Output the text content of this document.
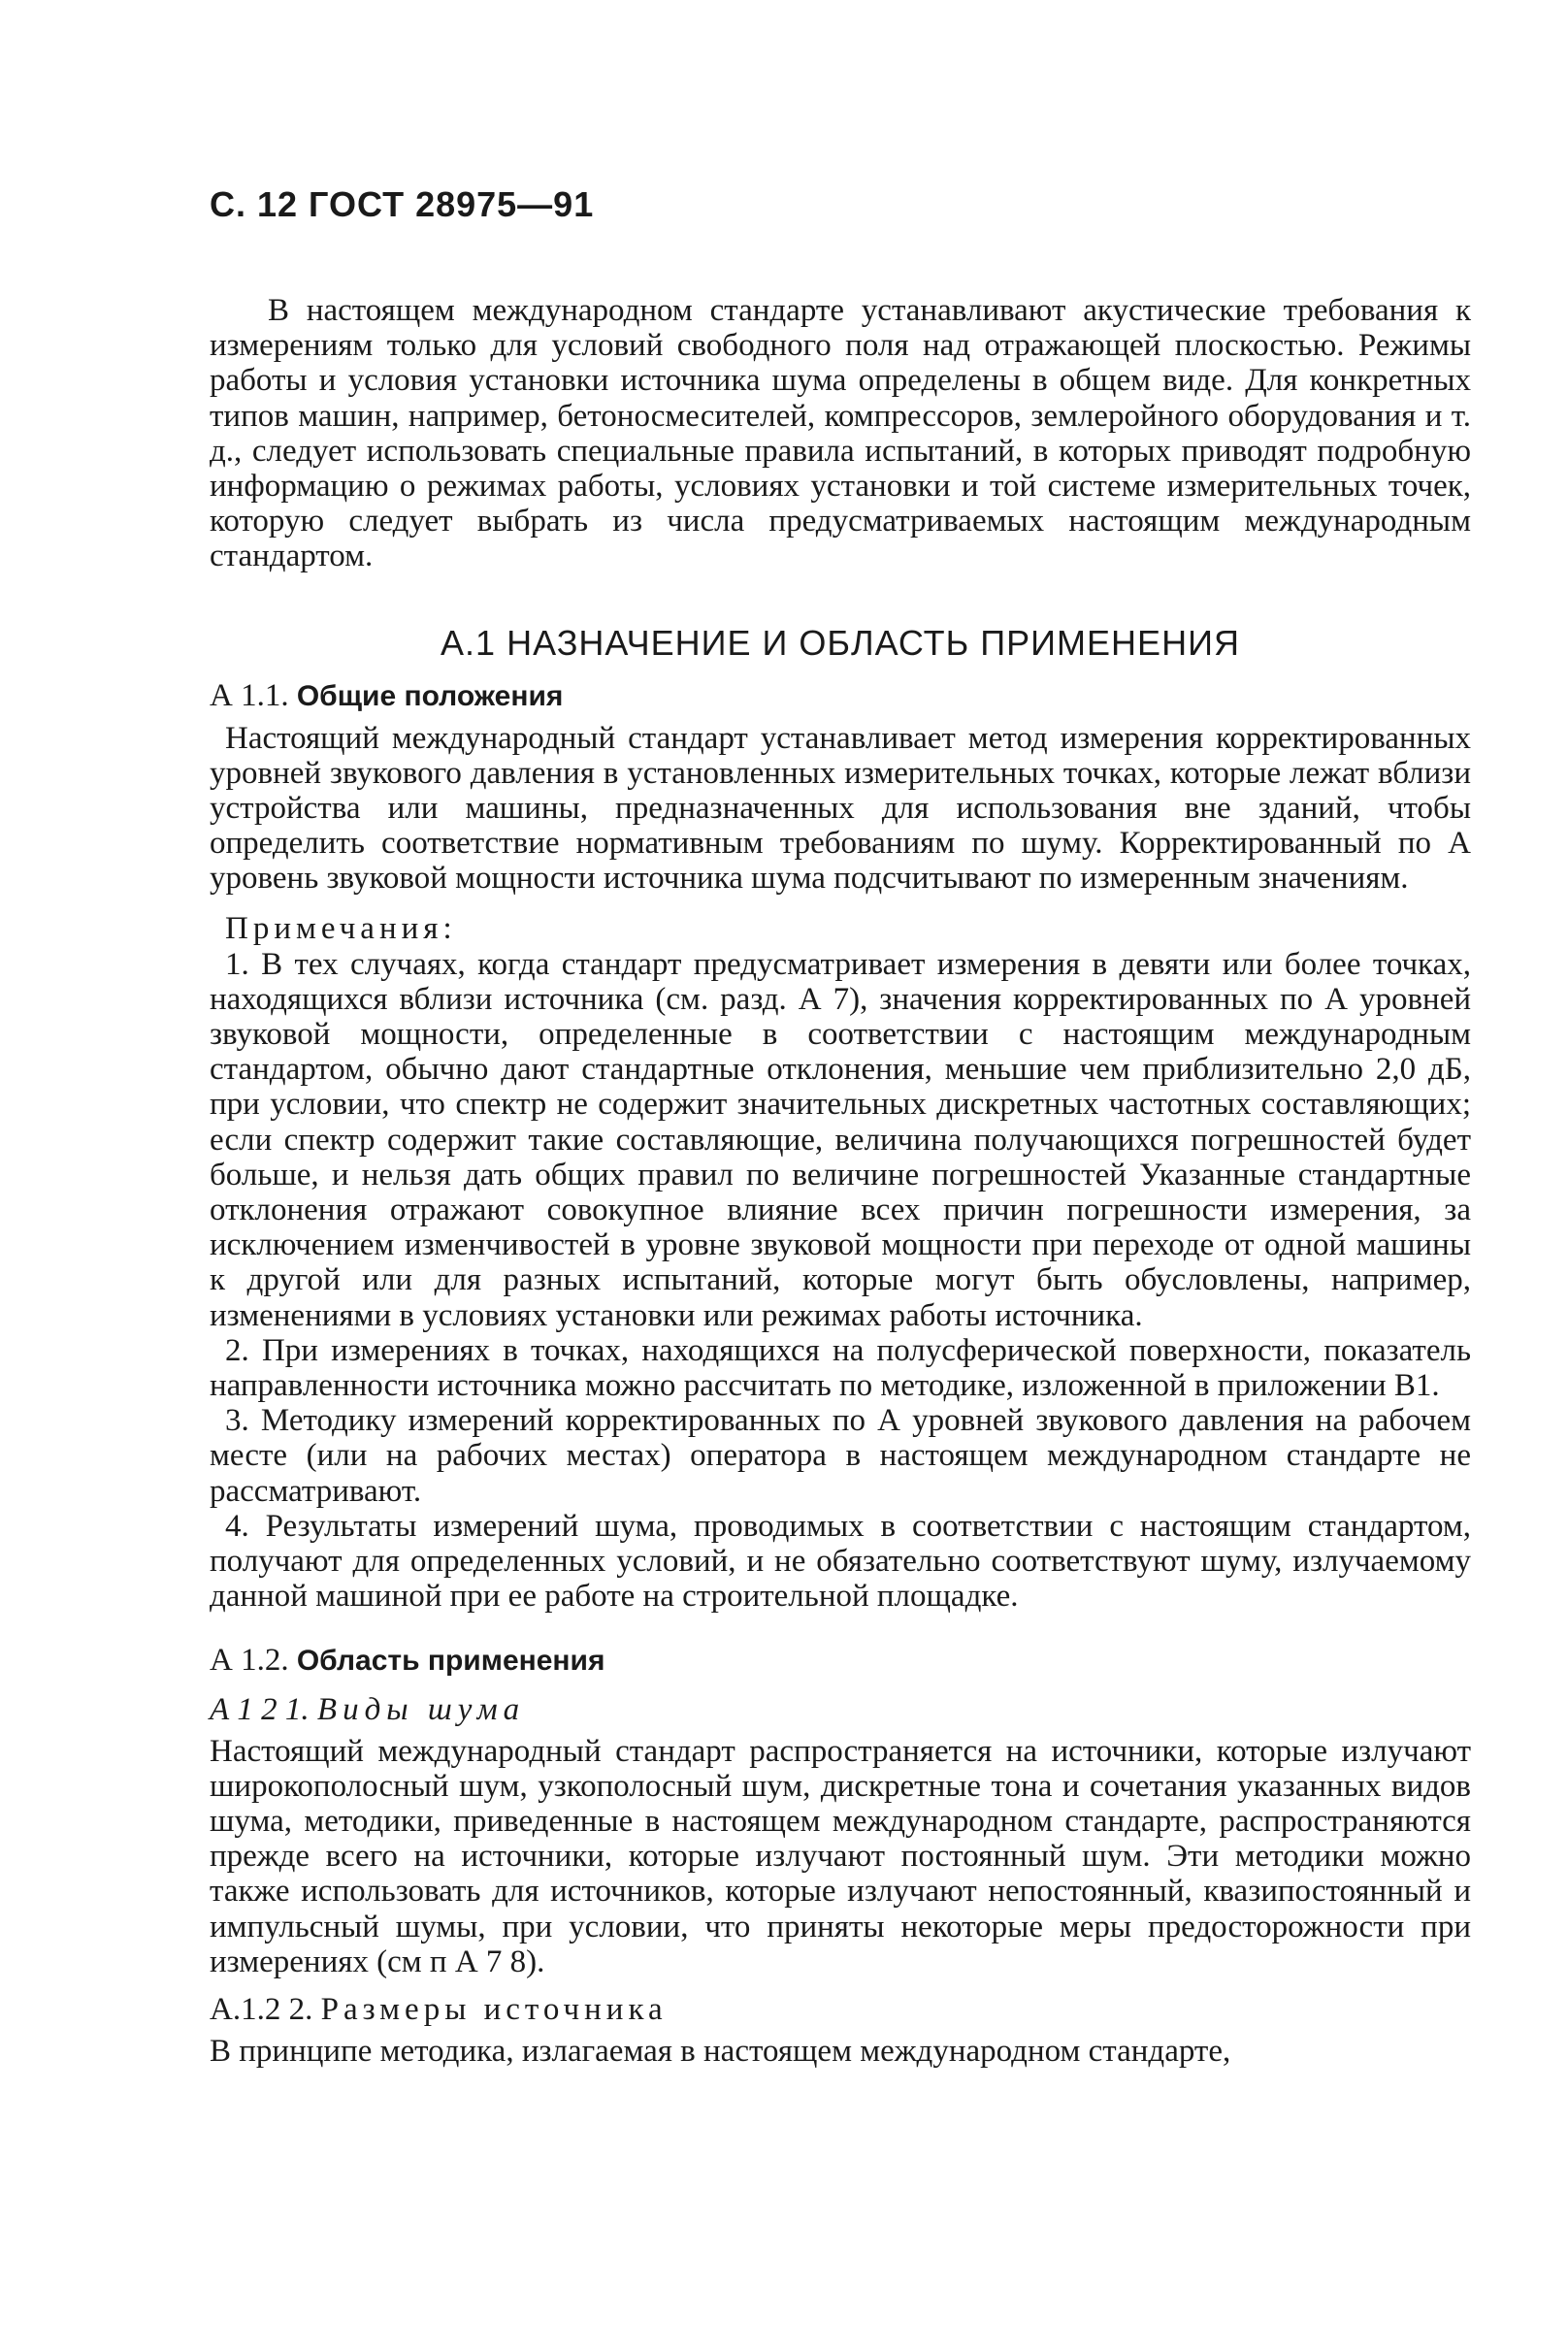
С. 12 ГОСТ 28975—91

В настоящем международном стандарте устанавливают акустические требования к измерениям только для условий свободного поля над отражающей плоскостью. Режимы работы и условия установки источника шума определены в общем виде. Для конкретных типов машин, например, бетоносмесителей, компрессоров, землеройного оборудования и т. д., следует использовать специальные правила испытаний, в которых приводят подробную информацию о режимах работы, условиях установки и той системе измерительных точек, которую следует выбрать из числа предусматриваемых настоящим международным стандартом.

А.1 НАЗНАЧЕНИЕ И ОБЛАСТЬ ПРИМЕНЕНИЯ
А 1.1. Общие положения

Настоящий международный стандарт устанавливает метод измерения корректированных уровней звукового давления в установленных измерительных точках, которые лежат вблизи устройства или машины, предназначенных для использования вне зданий, чтобы определить соответствие нормативным требованиям по шуму. Корректированный по А уровень звуковой мощности источника шума подсчитывают по измеренным значениям.

Примечания:

1. В тех случаях, когда стандарт предусматривает измерения в девяти или более точках, находящихся вблизи источника (см. разд. А 7), значения корректированных по А уровней звуковой мощности, определенные в соответствии с настоящим международным стандартом, обычно дают стандартные отклонения, меньшие чем приблизительно 2,0 дБ, при условии, что спектр не содержит значительных дискретных частотных составляющих; если спектр содержит такие составляющие, величина получающихся погрешностей будет больше, и нельзя дать общих правил по величине погрешностей Указанные стандартные отклонения отражают совокупное влияние всех причин погрешности измерения, за исключением изменчивостей в уровне звуковой мощности при переходе от одной машины к другой или для разных испытаний, которые могут быть обусловлены, например, изменениями в условиях установки или режимах работы источника.

2. При измерениях в точках, находящихся на полусферической поверхности, показатель направленности источника можно рассчитать по методике, изложенной в приложении В1.

3. Методику измерений корректированных по А уровней звукового давления на рабочем месте (или на рабочих местах) оператора в настоящем международном стандарте не рассматривают.

4. Результаты измерений шума, проводимых в соответствии с настоящим стандартом, получают для определенных условий, и не обязательно соответствуют шуму, излучаемому данной машиной при ее работе на строительной площадке.

А 1.2. Область применения
А 1 2 1. Виды шума

Настоящий международный стандарт распространяется на источники, которые излучают широкополосный шум, узкополосный шум, дискретные тона и сочетания указанных видов шума, методики, приведенные в настоящем международном стандарте, распространяются прежде всего на источники, которые излучают постоянный шум. Эти методики можно также использовать для источников, которые излучают непостоянный, квазипостоянный и импульсный шумы, при условии, что приняты некоторые меры предосторожности при измерениях (см п А 7 8).

А.1.2 2. Размеры источника

В принципе методика, излагаемая в настоящем международном стандарте,
